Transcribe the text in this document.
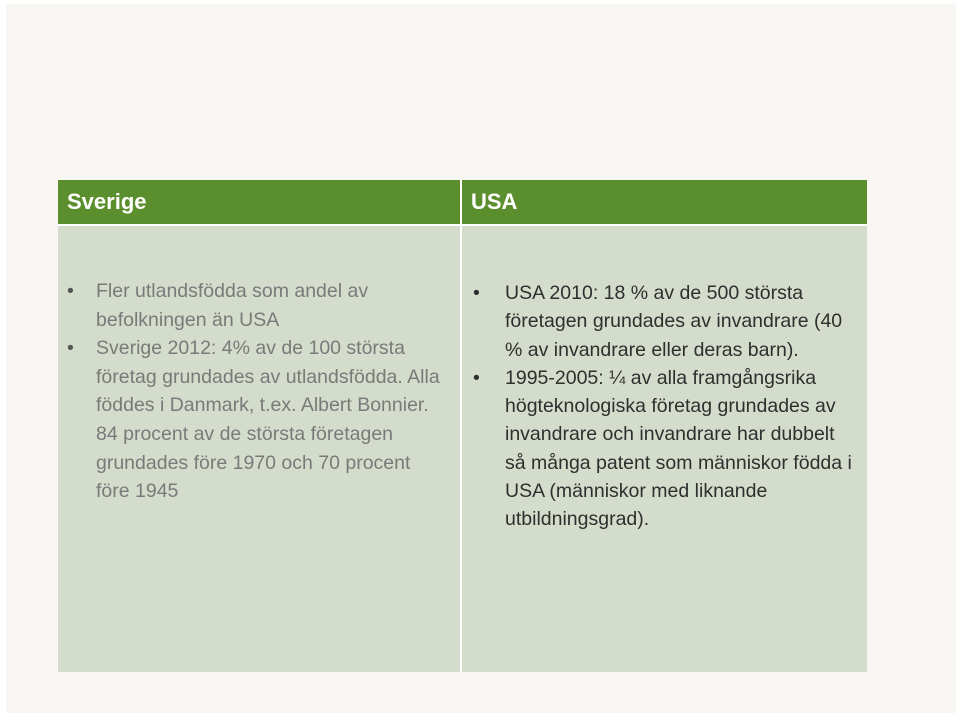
Sverige	USA
• Fler utlandsfödda som andel av befolkningen än USA
• Sverige 2012: 4% av de 100 största företag grundades av utlandsfödda. Alla föddes i Danmark, t.ex. Albert Bonnier. 84 procent av de största företagen grundades före 1970 och 70 procent före 1945
• USA 2010: 18 % av de 500 största företagen grundades av invandrare (40 % av invandrare eller deras barn).
• 1995-2005: ¼ av alla framgångsrika högteknologiska företag grundades av invandrare och invandrare har dubbelt så många patent som människor födda i USA (människor med liknande utbildningsgrad).
